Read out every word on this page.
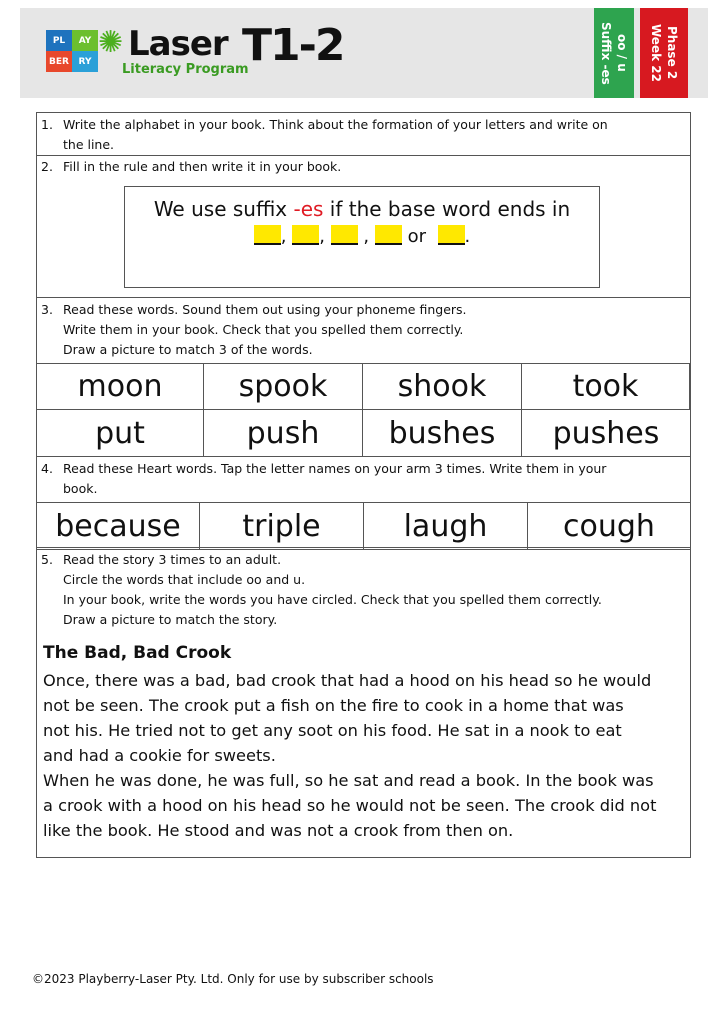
PL	AY
BER	RY
✺ Laser
Literacy Program
T1-2	oo / u
Suffix -es	Phase 2
Week 22
1. Write the alphabet in your book. Think about the formation of your letters and write on
the line.
2. Fill in the rule and then write it in your book.
We use suffix -es if the base word ends in
, ,  , or .
3. Read these words. Sound them out using your phoneme fingers.
Write them in your book. Check that you spelled them correctly.
Draw a picture to match 3 of the words.
moon	spook	shook	took
put	push	bushes	pushes
4. Read these Heart words. Tap the letter names on your arm 3 times. Write them in your
book.
because	triple	laugh	cough
5. Read the story 3 times to an adult.
Circle the words that include oo and u.
In your book, write the words you have circled. Check that you spelled them correctly.
Draw a picture to match the story.
The Bad, Bad Crook
Once, there was a bad, bad crook that had a hood on his head so he would
not be seen. The crook put a fish on the fire to cook in a home that was
not his. He tried not to get any soot on his food. He sat in a nook to eat
and had a cookie for sweets.
When he was done, he was full, so he sat and read a book. In the book was
a crook with a hood on his head so he would not be seen. The crook did not
like the book. He stood and was not a crook from then on.
©2023 Playberry-Laser Pty. Ltd. Only for use by subscriber schools
